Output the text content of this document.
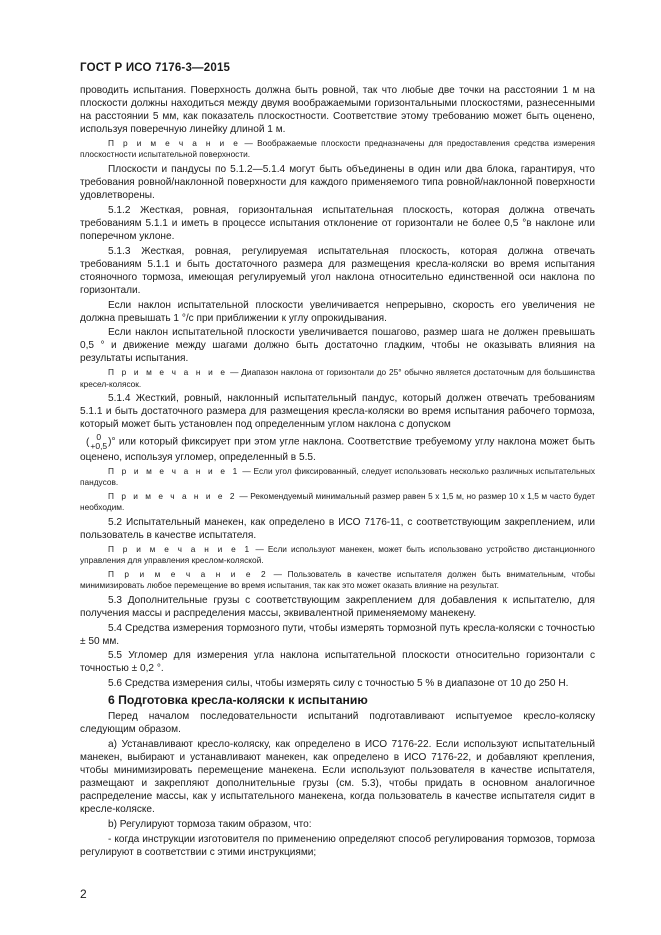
ГОСТ Р ИСО 7176-3—2015

проводить испытания. Поверхность должна быть ровной, так что любые две точки на расстоянии 1 м на плоскости должны находиться между двумя воображаемыми горизонтальными плоскостями, разнесенными на расстоянии 5 мм, как показатель плоскостности. Соответствие этому требованию может быть оценено, используя поверечную линейку длиной 1 м.

П р и м е ч а н и е — Воображаемые плоскости предназначены для предоставления средства измерения плоскостности испытательной поверхности.

Плоскости и пандусы по 5.1.2—5.1.4 могут быть объединены в один или два блока, гарантируя, что требования ровной/наклонной поверхности для каждого применяемого типа ровной/наклонной поверхности удовлетворены.

5.1.2 Жесткая, ровная, горизонтальная испытательная плоскость, которая должна отвечать требованиям 5.1.1 и иметь в процессе испытания отклонение от горизонтали не более 0,5 °в наклоне или поперечном уклоне.

5.1.3 Жесткая, ровная, регулируемая испытательная плоскость, которая должна отвечать требованиям 5.1.1 и быть достаточного размера для размещения кресла-коляски во время испытания стояночного тормоза, имеющая регулируемый угол наклона относительно единственной оси наклона по горизонтали.

Если наклон испытательной плоскости увеличивается непрерывно, скорость его увеличения не должна превышать 1 °/с при приближении к углу опрокидывания.

Если наклон испытательной плоскости увеличивается пошагово, размер шага не должен превышать 0,5 ° и движение между шагами должно быть достаточно гладким, чтобы не оказывать влияния на результаты испытания.

П р и м е ч а н и е — Диапазон наклона от горизонтали до 25° обычно является достаточным для большинства кресел-колясок.

5.1.4 Жесткий, ровный, наклонный испытательный пандус, который должен отвечать требованиям 5.1.1 и быть достаточного размера для размещения кресла-коляски во время испытания рабочего тормоза, который может быть установлен под определенным углом наклона с допуском

( 0
+0,5 )° или который фиксирует при этом угле наклона. Соответствие требуемому углу наклона может быть оценено, используя угломер, определенный в 5.5.

П р и м е ч а н и е 1 — Если угол фиксированный, следует использовать несколько различных испытательных пандусов.

П р и м е ч а н и е 2 — Рекомендуемый минимальный размер равен 5 х 1,5 м, но размер 10 х 1,5 м часто будет необходим.

5.2 Испытательный манекен, как определено в ИСО 7176-11, с соответствующим закреплением, или пользователь в качестве испытателя.

П р и м е ч а н и е 1 — Если используют манекен, может быть использовано устройство дистанционного управления для управления креслом-коляской.

П р и м е ч а н и е 2 — Пользователь в качестве испытателя должен быть внимательным, чтобы минимизировать любое перемещение во время испытания, так как это может оказать влияние на результат.

5.3 Дополнительные грузы с соответствующим закреплением для добавления к испытателю, для получения массы и распределения массы, эквивалентной применяемому манекену.

5.4 Средства измерения тормозного пути, чтобы измерять тормозной путь кресла-коляски с точностью ± 50 мм.

5.5 Угломер для измерения угла наклона испытательной плоскости относительно горизонтали с точностью ± 0,2 °.

5.6 Средства измерения силы, чтобы измерять силу с точностью 5 % в диапазоне от 10 до 250 Н.

6 Подготовка кресла-коляски к испытанию

Перед началом последовательности испытаний подготавливают испытуемое кресло-коляску следующим образом.

a) Устанавливают кресло-коляску, как определено в ИСО 7176-22. Если используют испытательный манекен, выбирают и устанавливают манекен, как определено в ИСО 7176-22, и добавляют крепления, чтобы минимизировать перемещение манекена. Если используют пользователя в качестве испытателя, размещают и закрепляют дополнительные грузы (см. 5.3), чтобы придать в основном аналогичное распределение массы, как у испытательного манекена, когда пользователь в качестве испытателя сидит в кресле-коляске.

b) Регулируют тормоза таким образом, что:

- когда инструкции изготовителя по применению определяют способ регулирования тормозов, тормоза регулируют в соответствии с этими инструкциями;

2
